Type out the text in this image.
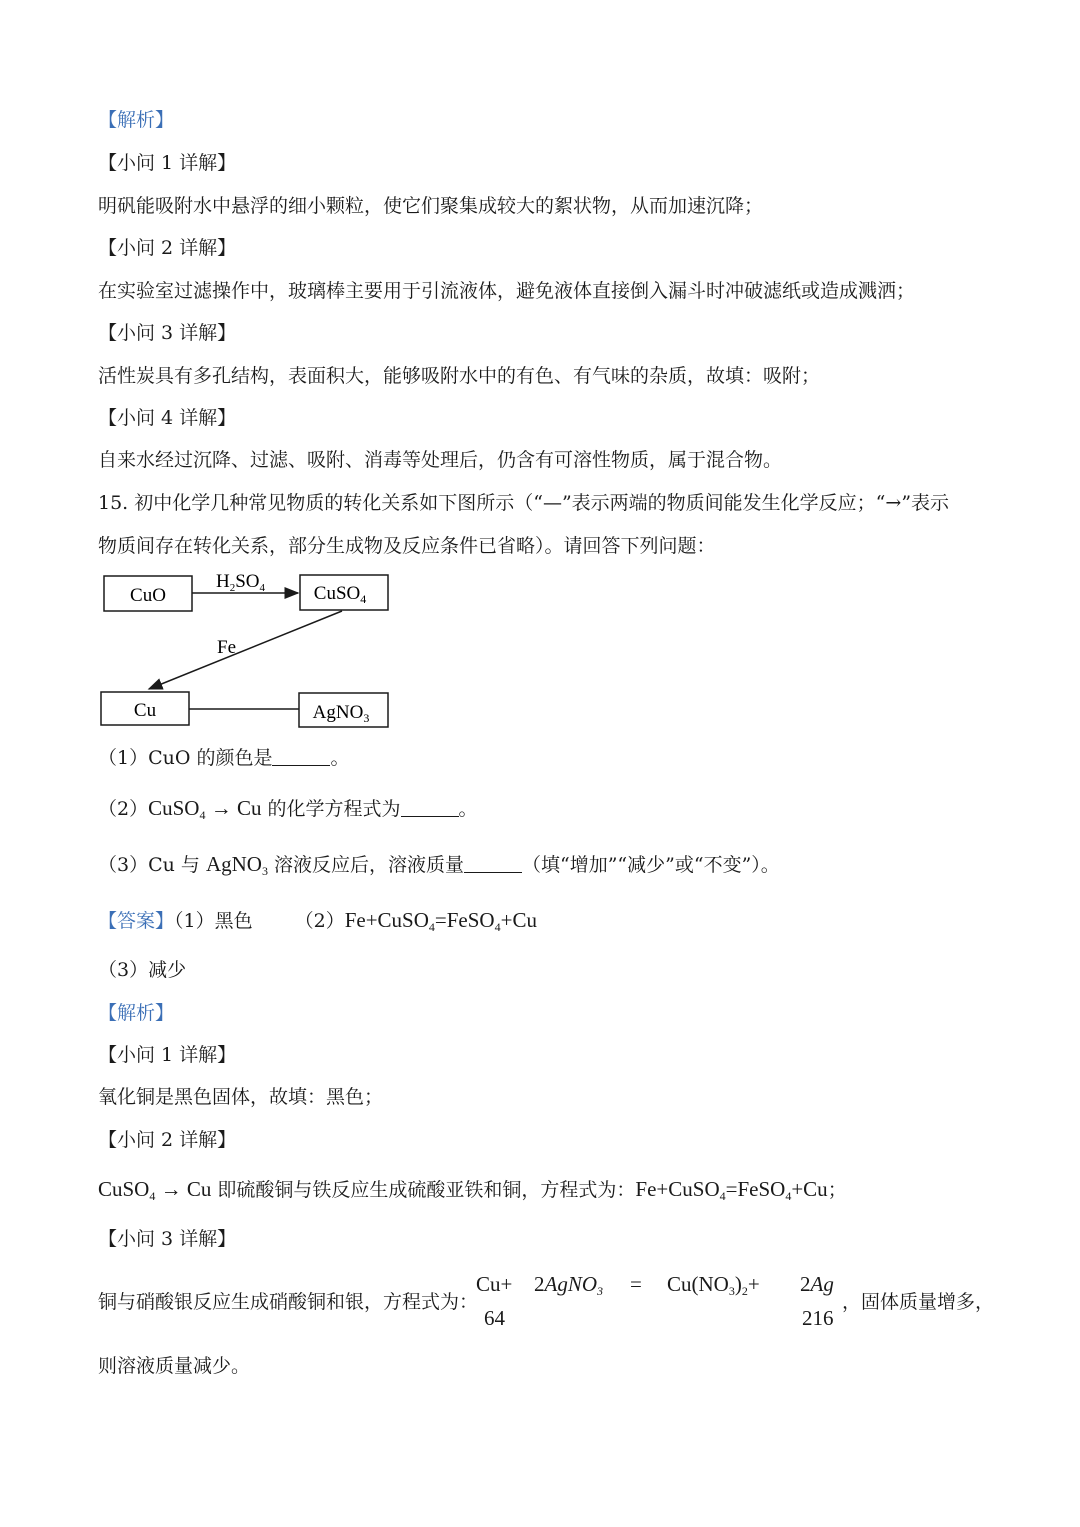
【解析】
【小问 1 详解】
明矾能吸附水中悬浮的细小颗粒，使它们聚集成较大的絮状物，从而加速沉降；
【小问 2 详解】
在实验室过滤操作中，玻璃棒主要用于引流液体，避免液体直接倒入漏斗时冲破滤纸或造成溅洒；
【小问 3 详解】
活性炭具有多孔结构，表面积大，能够吸附水中的有色、有气味的杂质，故填：吸附；
【小问 4 详解】
自来水经过沉降、过滤、吸附、消毒等处理后，仍含有可溶性物质，属于混合物。
15. 初中化学几种常见物质的转化关系如下图所示（“—”表示两端的物质间能发生化学反应；“→”表示
物质间存在转化关系，部分生成物及反应条件已省略）。请回答下列问题：
CuO	CuSO$_4$
Cu	AgNO$_3$
$H_2SO_4$
Fe
（1）CuO 的颜色是	。
（2）CuSO$_4$ → Cu 的化学方程式为	。
（3）Cu 与 AgNO$_3$ 溶液反应后，溶液质量	（填“增加”“减少”或“不变”）。
【答案】（1）黑色 （2）Fe+CuSO$_4$=FeSO$_4$+Cu
（3）减少
【解析】
【小问 1 详解】
氧化铜是黑色固体，故填：黑色；
【小问 2 详解】
CuSO$_4$ → Cu 即硫酸铜与铁反应生成硫酸亚铁和铜，方程式为：Fe+CuSO$_4$=FeSO$_4$+Cu；
【小问 3 详解】
铜与硝酸银反应生成硝酸铜和银，方程式为：
Cu+ 2AgNO$_3$ = $Cu(NO_3)_2+ 2Ag$
64	216
，固体质量增多，
则溶液质量减少。
